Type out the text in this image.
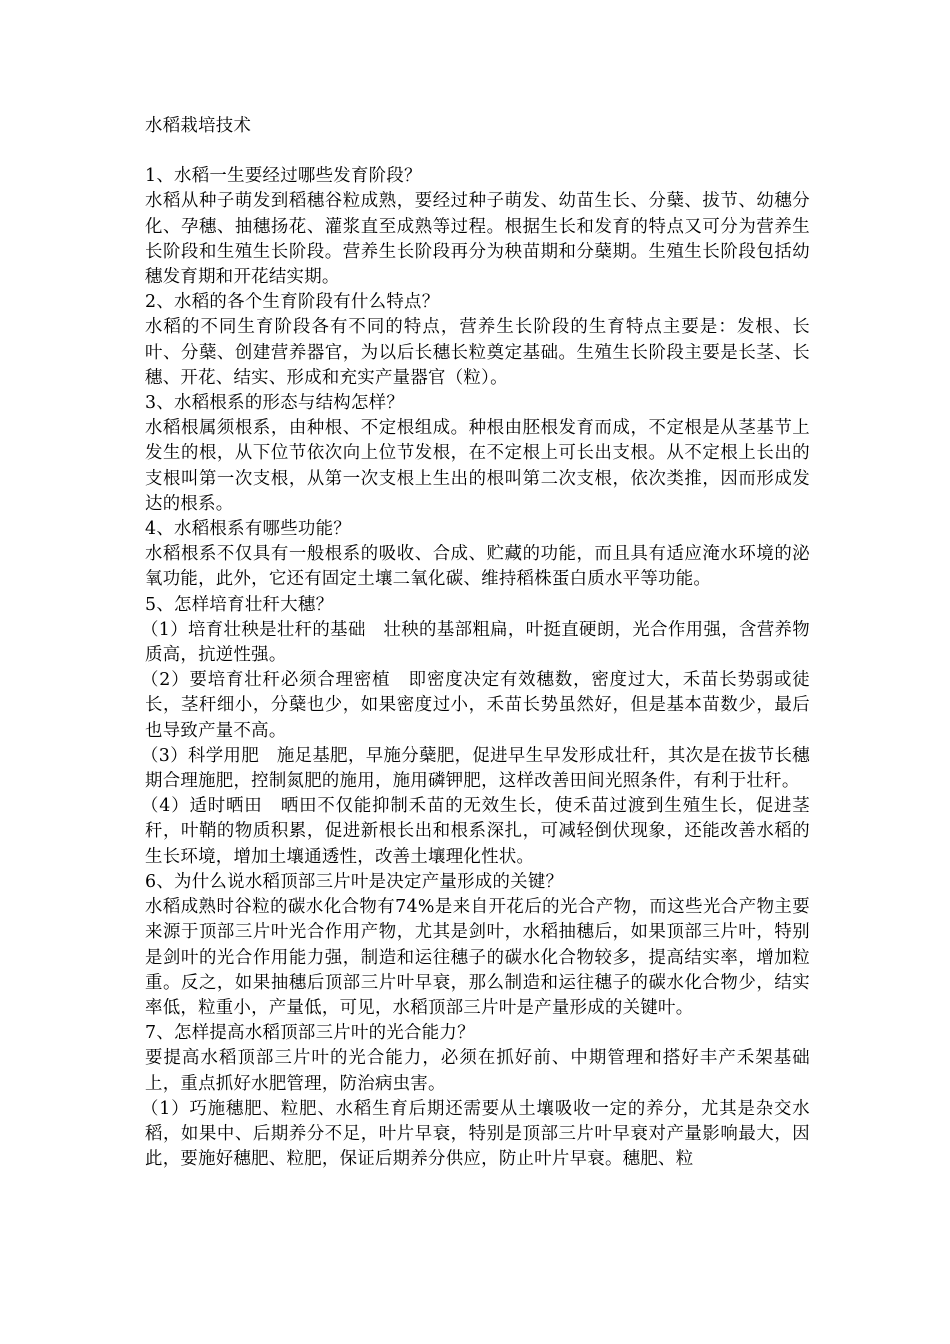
水稻栽培技术
1、水稻一生要经过哪些发育阶段？

水稻从种子萌发到稻穗谷粒成熟，要经过种子萌发、幼苗生长、分蘖、拔节、幼穗分化、孕穗、抽穗扬花、灌浆直至成熟等过程。根据生长和发育的特点又可分为营养生长阶段和生殖生长阶段。营养生长阶段再分为秧苗期和分蘖期。生殖生长阶段包括幼穗发育期和开花结实期。

2、水稻的各个生育阶段有什么特点？

水稻的不同生育阶段各有不同的特点，营养生长阶段的生育特点主要是：发根、长叶、分蘖、创建营养器官，为以后长穗长粒奠定基础。生殖生长阶段主要是长茎、长穗、开花、结实、形成和充实产量器官（粒）。

3、水稻根系的形态与结构怎样？

水稻根属须根系，由种根、不定根组成。种根由胚根发育而成，不定根是从茎基节上发生的根，从下位节依次向上位节发根，在不定根上可长出支根。从不定根上长出的支根叫第一次支根，从第一次支根上生出的根叫第二次支根，依次类推，因而形成发达的根系。

4、水稻根系有哪些功能？

水稻根系不仅具有一般根系的吸收、合成、贮藏的功能，而且具有适应淹水环境的泌氧功能，此外，它还有固定土壤二氧化碳、维持稻株蛋白质水平等功能。

5、怎样培育壮秆大穗？

（1）培育壮秧是壮秆的基础　壮秧的基部粗扁，叶挺直硬朗，光合作用强，含营养物质高，抗逆性强。

（2）要培育壮秆必须合理密植　即密度决定有效穗数，密度过大，禾苗长势弱或徒长，茎秆细小，分蘖也少，如果密度过小，禾苗长势虽然好，但是基本苗数少，最后　也导致产量不高。

（3）科学用肥　施足基肥，早施分蘖肥，促进早生早发形成壮秆，其次是在拔节长穗期合理施肥，控制氮肥的施用，施用磷钾肥，这样改善田间光照条件，有利于壮秆。

（4）适时晒田　晒田不仅能抑制禾苗的无效生长，使禾苗过渡到生殖生长，促进茎秆，叶鞘的物质积累，促进新根长出和根系深扎，可减轻倒伏现象，还能改善水稻的生长环境，增加土壤通透性，改善土壤理化性状。

6、为什么说水稻顶部三片叶是决定产量形成的关键？

水稻成熟时谷粒的碳水化合物有74%是来自开花后的光合产物，而这些光合产物主要来源于顶部三片叶光合作用产物，尤其是剑叶，水稻抽穗后，如果顶部三片叶，特别是剑叶的光合作用能力强，制造和运往穗子的碳水化合物较多，提高结实率，增加粒重。反之，如果抽穗后顶部三片叶早衰，那么制造和运往穗子的碳水化合物少，结实率低，粒重小，产量低，可见，水稻顶部三片叶是产量形成的关键叶。

7、怎样提高水稻顶部三片叶的光合能力？

要提高水稻顶部三片叶的光合能力，必须在抓好前、中期管理和搭好丰产禾架基础上，重点抓好水肥管理，防治病虫害。

（1）巧施穗肥、粒肥、水稻生育后期还需要从土壤吸收一定的养分，尤其是杂交水稻，如果中、后期养分不足，叶片早衰，特别是顶部三片叶早衰对产量影响最大，因此，要施好穗肥、粒肥，保证后期养分供应，防止叶片早衰。穗肥、粒
